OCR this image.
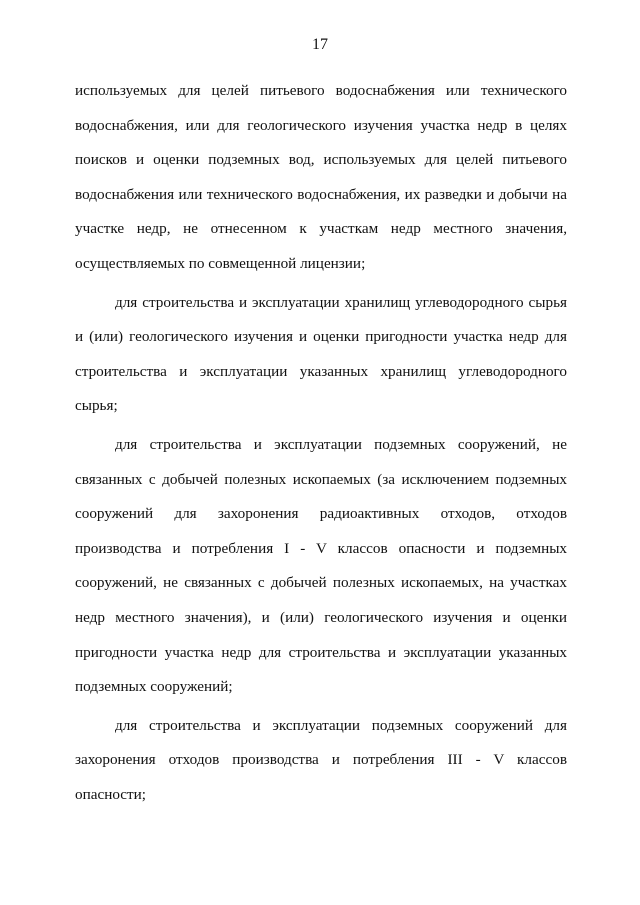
17

используемых для целей питьевого водоснабжения или технического водоснабжения, или для геологического изучения участка недр в целях поисков и оценки подземных вод, используемых для целей питьевого водоснабжения или технического водоснабжения, их разведки и добычи на участке недр, не отнесенном к участкам недр местного значения, осуществляемых по совмещенной лицензии;

для строительства и эксплуатации хранилищ углеводородного сырья и (или) геологического изучения и оценки пригодности участка недр для строительства и эксплуатации указанных хранилищ углеводородного сырья;

для строительства и эксплуатации подземных сооружений, не связанных с добычей полезных ископаемых (за исключением подземных сооружений для захоронения радиоактивных отходов, отходов производства и потребления I - V классов опасности и подземных сооружений, не связанных с добычей полезных ископаемых, на участках недр местного значения), и (или) геологического изучения и оценки пригодности участка недр для строительства и эксплуатации указанных подземных сооружений;

для строительства и эксплуатации подземных сооружений для захоронения отходов производства и потребления III - V классов опасности;
